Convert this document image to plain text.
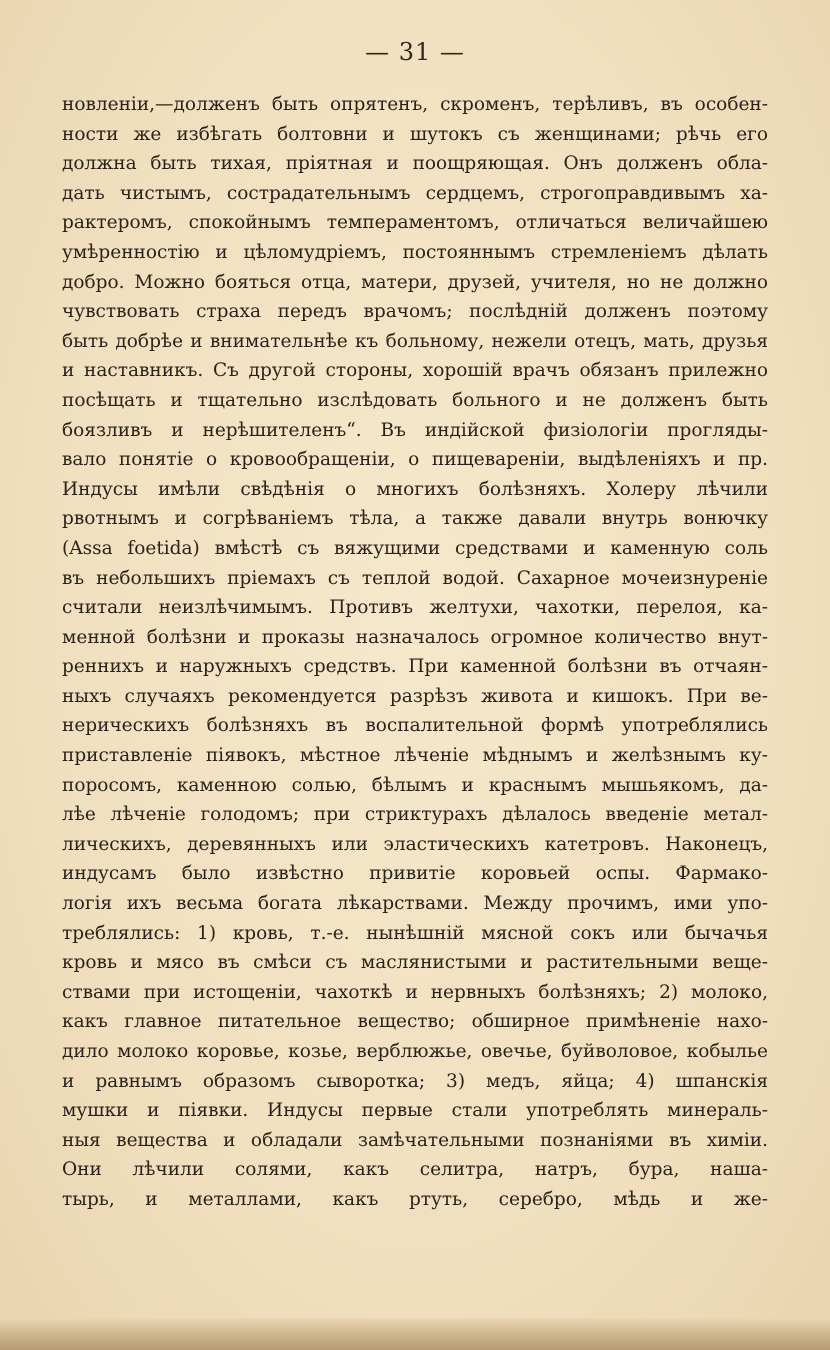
— 31 —
новленіи,—долженъ быть опрятенъ, скроменъ, терѣливъ, въ особен-
ности же избѣгать болтовни и шутокъ съ женщинами; рѣчь его
должна быть тихая, пріятная и поощряющая. Онъ долженъ обла-
дать чистымъ, сострадательнымъ сердцемъ, строгоправдивымъ ха-
рактеромъ, спокойнымъ темпераментомъ, отличаться величайшею
умѣренностію и цѣломудріемъ, постояннымъ стремленіемъ дѣлать
добро. Можно бояться отца, матери, друзей, учителя, но не должно
чувствовать страха передъ врачомъ; послѣдній долженъ поэтому
быть добрѣе и внимательнѣе къ больному, нежели отецъ, мать, друзья
и наставникъ. Съ другой стороны, хорошій врачъ обязанъ прилежно
посѣщать и тщательно изслѣдовать больного и не долженъ быть
боязливъ и нерѣшителенъ“. Въ индійской физіологіи прогляды-
вало понятіе о кровообращеніи, о пищевареніи, выдѣленіяхъ и пр.
Индусы имѣли свѣдѣнія о многихъ болѣзняхъ. Холеру лѣчили
рвотнымъ и согрѣваніемъ тѣла, а также давали внутрь вонючку
(Assa foetida) вмѣстѣ съ вяжущими средствами и каменную соль
въ небольшихъ пріемахъ съ теплой водой. Сахарное мочеизнуреніе
считали неизлѣчимымъ. Противъ желтухи, чахотки, перелоя, ка-
менной болѣзни и проказы назначалось огромное количество внут-
реннихъ и наружныхъ средствъ. При каменной болѣзни въ отчаян-
ныхъ случаяхъ рекомендуется разрѣзъ живота и кишокъ. При ве-
нерическихъ болѣзняхъ въ воспалительной формѣ употреблялись
приставленіе піявокъ, мѣстное лѣченіе мѣднымъ и желѣзнымъ ку-
поросомъ, каменною солью, бѣлымъ и краснымъ мышьякомъ, да-
лѣе лѣченіе голодомъ; при стриктурахъ дѣлалось введеніе метал-
лическихъ, деревянныхъ или эластическихъ катетровъ. Наконецъ,
индусамъ было извѣстно привитіе коровьей оспы. Фармако-
логія ихъ весьма богата лѣкарствами. Между прочимъ, ими упо-
треблялись: 1) кровь, т.-е. нынѣшній мясной сокъ или бычачья
кровь и мясо въ смѣси съ маслянистыми и растительными веще-
ствами при истощеніи, чахоткѣ и нервныхъ болѣзняхъ; 2) молоко,
какъ главное питательное вещество; обширное примѣненіе нахо-
дило молоко коровье, козье, верблюжье, овечье, буйволовое, кобылье
и равнымъ образомъ сыворотка; 3) медъ, яйца; 4) шпанскія
мушки и піявки. Индусы первые стали употреблять минераль-
ныя вещества и обладали замѣчательными познаніями въ химіи.
Они лѣчили солями, какъ селитра, натръ, бура, наша-
тырь, и металлами, какъ ртуть, серебро, мѣдь и же-
